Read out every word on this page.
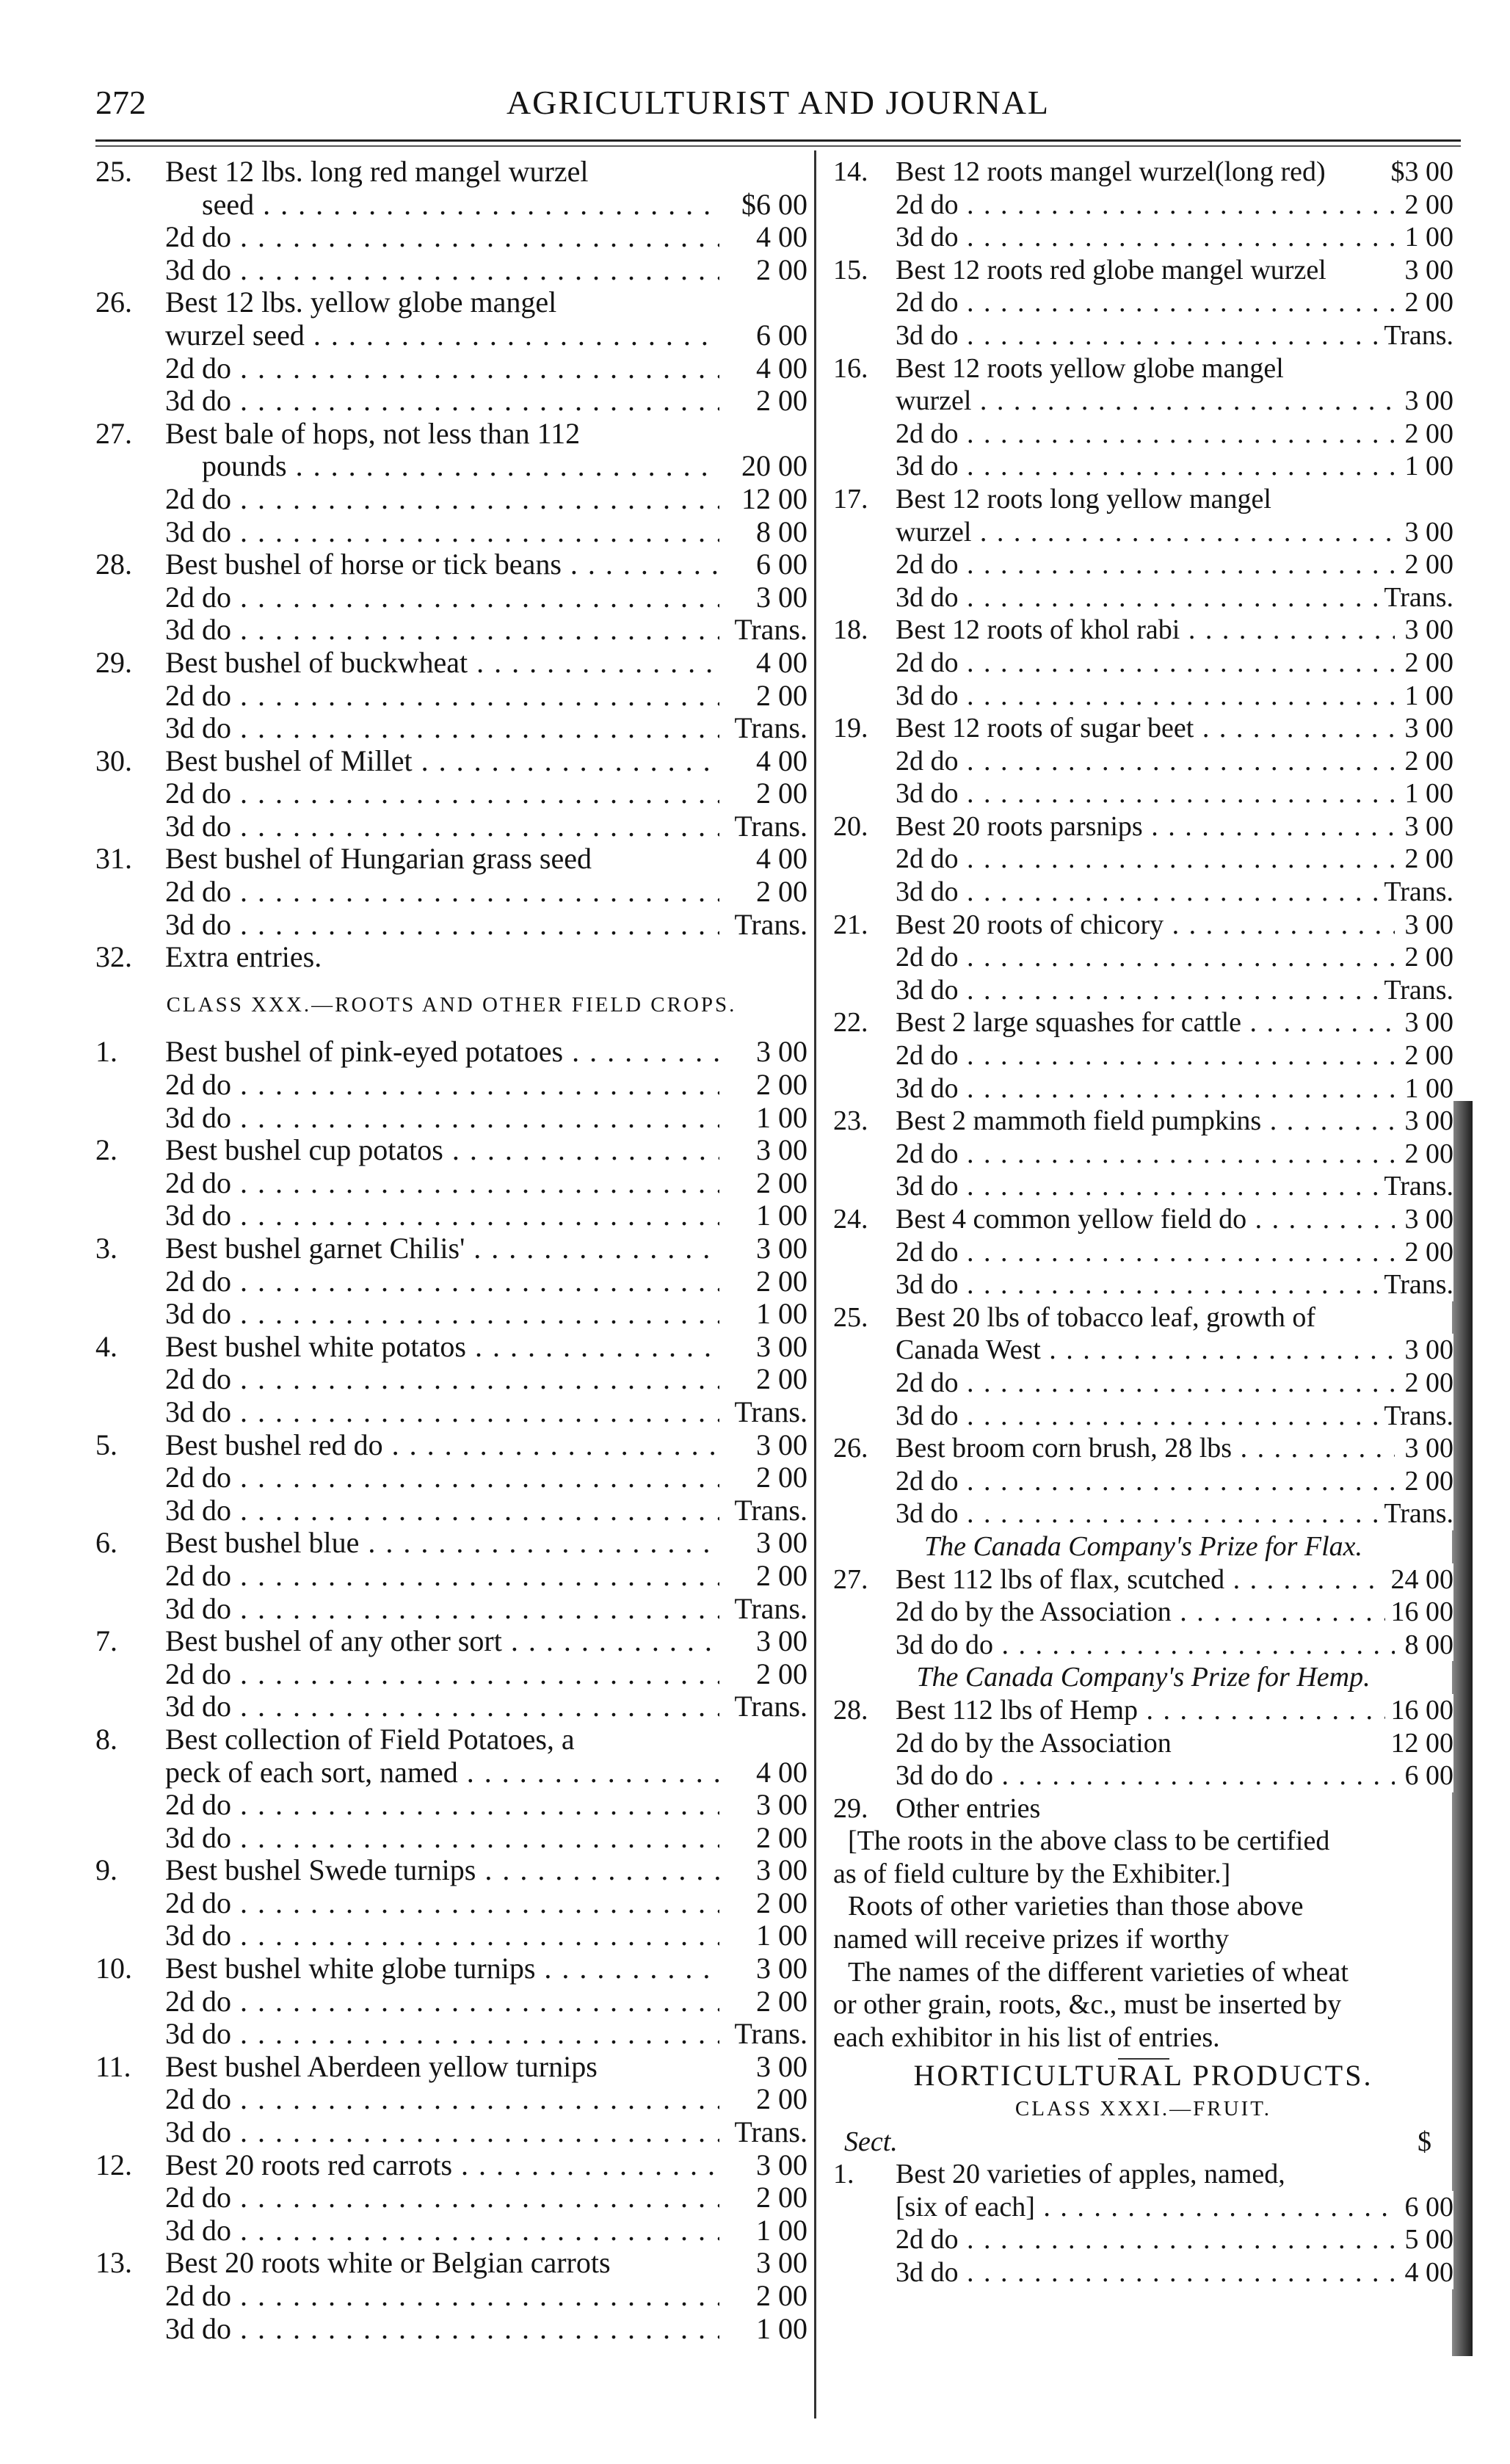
272	AGRICULTURIST AND JOURNAL
25. Best 12 lbs. long red mangel wurzel
seed . . .	$6 00
2d do . . .	4 00
3d do . . .	2 00
26. Best 12 lbs. yellow globe mangel
wurzel seed . . .	6 00
2d do . . .	4 00
3d do . . .	2 00
27. Best bale of hops, not less than 112
pounds . . .	20 00
2d do . . .	12 00
3d do . . .	8 00
28. Best bushel of horse or tick beans . . .	6 00
2d do . . .	3 00
3d do . . .	Trans.
29. Best bushel of buckwheat . . .	4 00
2d do . . .	2 00
3d do . . .	Trans.
30. Best bushel of Millet . . .	4 00
2d do . . .	2 00
3d do . . .	Trans.
31. Best bushel of Hungarian grass seed	4 00
2d do . . .	2 00
3d do . . .	Trans.
32. Extra entries.
CLASS XXX.—ROOTS AND OTHER FIELD CROPS.
1. Best bushel of pink-eyed potatoes . . .	3 00
2d do . . .	2 00
3d do . . .	1 00
2. Best bushel cup potatos . . .	3 00
2d do . . .	2 00
3d do . . .	1 00
3. Best bushel garnet Chilis' . . .	3 00
2d do . . .	2 00
3d do . . .	1 00
4. Best bushel white potatos . . .	3 00
2d do . . .	2 00
3d do . . .	Trans.
5. Best bushel red do . . .	3 00
2d do . . .	2 00
3d do . . .	Trans.
6. Best bushel blue . . .	3 00
2d do . . .	2 00
3d do . . .	Trans.
7. Best bushel of any other sort . . .	3 00
2d do . . .	2 00
3d do . . .	Trans.
8. Best collection of Field Potatoes, a
peck of each sort, named . . .	4 00
2d do . . .	3 00
3d do . . .	2 00
9. Best bushel Swede turnips . . .	3 00
2d do . . .	2 00
3d do . . .	1 00
10. Best bushel white globe turnips . . .	3 00
2d do . . .	2 00
3d do . . .	Trans.
11. Best bushel Aberdeen yellow turnips	3 00
2d do . . .	2 00
3d do . . .	Trans.
12. Best 20 roots red carrots . . .	3 00
2d do . . .	2 00
3d do . . .	1 00
13. Best 20 roots white or Belgian carrots	3 00
2d do . . .	2 00
3d do . . .	1 00
14. Best 12 roots mangel wurzel(long red)	$3 00
2d do . . .	2 00
3d do . . .	1 00
15. Best 12 roots red globe mangel wurzel	3 00
2d do . . .	2 00
3d do . . .	Trans.
16. Best 12 roots yellow globe mangel
wurzel . . .	3 00
2d do . . .	2 00
3d do . . .	1 00
17. Best 12 roots long yellow mangel
wurzel . . .	3 00
2d do . . .	2 00
3d do . . .	Trans.
18. Best 12 roots of khol rabi . . .	3 00
2d do . . .	2 00
3d do . . .	1 00
19. Best 12 roots of sugar beet . . .	3 00
2d do . . .	2 00
3d do . . .	1 00
20. Best 20 roots parsnips . . .	3 00
2d do . . .	2 00
3d do . . .	Trans.
21. Best 20 roots of chicory . . .	3 00
2d do . . .	2 00
3d do . . .	Trans.
22. Best 2 large squashes for cattle . . .	3 00
2d do . . .	2 00
3d do . . .	1 00
23. Best 2 mammoth field pumpkins . . .	3 00
2d do . . .	2 00
3d do . . .	Trans.
24. Best 4 common yellow field do . . .	3 00
2d do . . .	2 00
3d do . . .	Trans.
25. Best 20 lbs of tobacco leaf, growth of
Canada West . . .	3 00
2d do . . .	2 00
3d do . . .	Trans.
26. Best broom corn brush, 28 lbs . . .	3 00
2d do . . .	2 00
3d do . . .	Trans.
The Canada Company's Prize for Flax.
27. Best 112 lbs of flax, scutched . . .	24 00
2d do by the Association . . .	16 00
3d do do . . .	8 00
The Canada Company's Prize for Hemp.
28. Best 112 lbs of Hemp . . .	16 00
2d do by the Association	12 00
3d do do . . .	6 00
29. Other entries
[The roots in the above class to be certified
as of field culture by the Exhibiter.]
Roots of other varieties than those above
named will receive prizes if worthy
The names of the different varieties of wheat
or other grain, roots, &c., must be inserted by
each exhibitor in his list of entries.
HORTICULTURAL PRODUCTS.
CLASS XXXI.—FRUIT.
Sect.	$
1. Best 20 varieties of apples, named,
[six of each] . . .	6 00
2d do . . .	5 00
3d do . . .	4 00
